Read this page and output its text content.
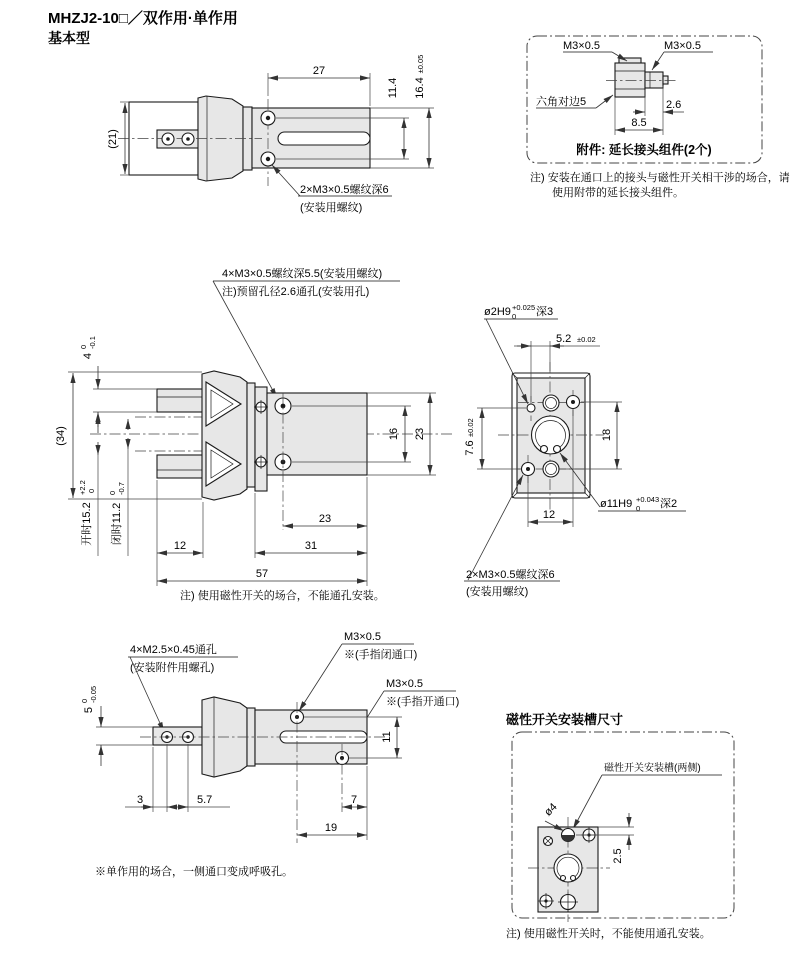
MHZJ2-10□／双作用·单作用
基本型
(21)
27
11.4 16.4
±0.05
2×M3×0.5螺纹深6
(安装用螺纹)
M3×0.5	M3×0.5
六角对边5	2.6
8.5
附件: 延长接头组件(2个)
注) 安装在通口上的接头与磁性开关相干涉的场合，请
使用附带的延长接头组件。
4×M3×0.5螺纹深5.5(安装用螺纹)
注)预留孔径2.6通孔(安装用孔)
4
0 -0.1
(34)
开时15.2
+2.2 0
闭时11.2
0 -0.7
12	31
23
57
16 23
注) 使用磁性开关的场合，不能通孔安装。
ø2H9 +0.025
0 深3
5.2 ±0.02
18
7.6
±0.02
12
ø11H9 +0.043
0 深2
2×M3×0.5螺纹深6
(安装用螺纹)
4×M2.5×0.45通孔
(安装附件用螺孔)
M3×0.5
※(手指闭通口)
M3×0.5
※(手指开通口)
5
0 -0.05
3	5.7	7
19
11
※单作用的场合，一侧通口变成呼吸孔。
磁性开关安装槽尺寸
磁性开关安装槽(两侧)
ø4
2.5
注) 使用磁性开关时，不能使用通孔安装。
